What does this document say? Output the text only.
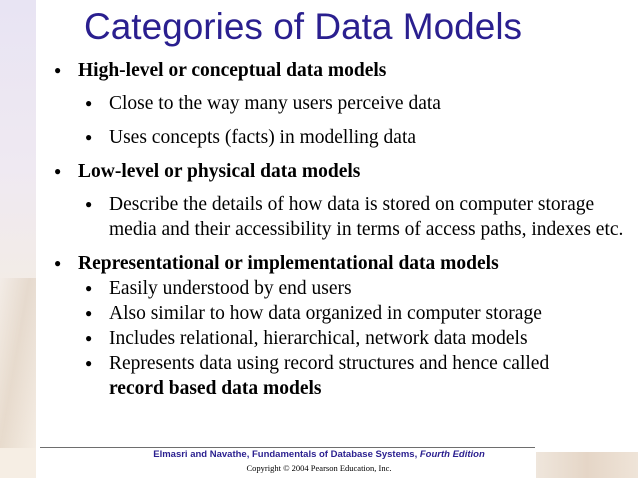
Categories of Data Models
● High-level or conceptual data models
● Close to the way many users perceive data
● Uses concepts (facts) in modelling data
● Low-level or physical data models
● Describe the details of how data is stored on computer storage media and their accessibility in terms of access paths, indexes etc.
● Representational or implementational data models
● Easily understood by end users
● Also similar to how data organized in computer storage
● Includes relational, hierarchical, network data models
● Represents data using record structures and hence called
record based data models
Elmasri and Navathe, Fundamentals of Database Systems, Fourth Edition
Copyright © 2004 Pearson Education, Inc.
